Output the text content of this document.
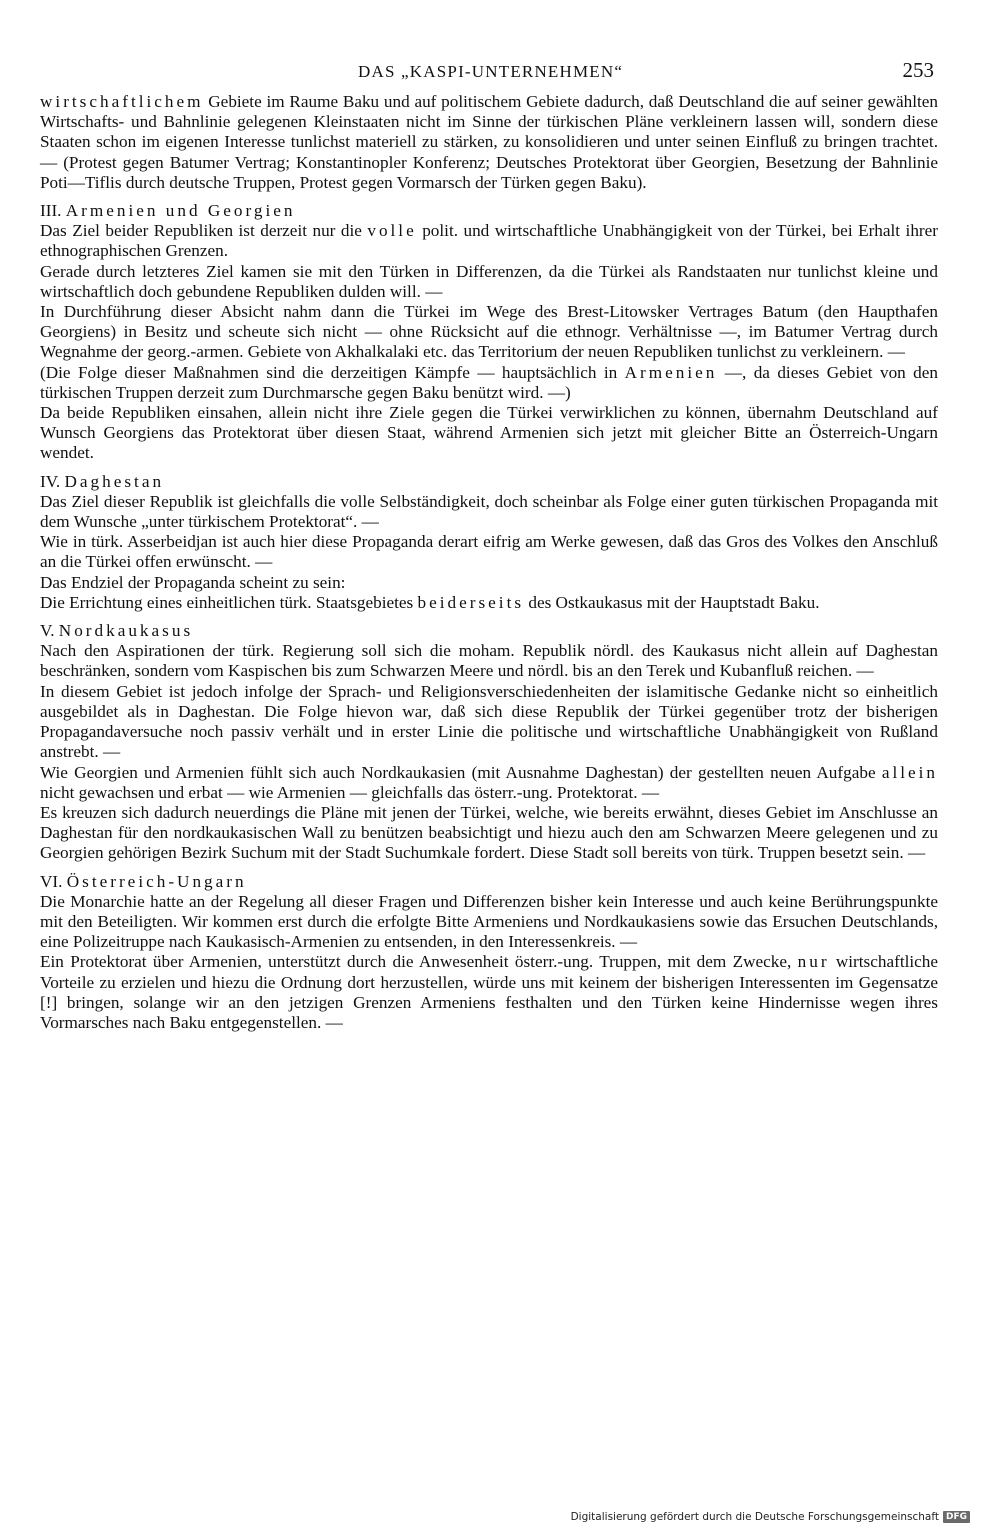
DAS „KASPI-UNTERNEHMEN“	253

wirtschaftlichem Gebiete im Raume Baku und auf politischem Gebiete dadurch, daß Deutschland die auf seiner gewählten Wirtschafts- und Bahnlinie gelegenen Kleinstaaten nicht im Sinne der türkischen Pläne verkleinern lassen will, sondern diese Staaten schon im eigenen Interesse tunlichst materiell zu stärken, zu konsolidieren und unter seinen Einfluß zu bringen trachtet. — (Protest gegen Batumer Vertrag; Konstantinopler Konferenz; Deutsches Protektorat über Georgien, Besetzung der Bahnlinie Poti—Tiflis durch deutsche Truppen, Protest gegen Vormarsch der Türken gegen Baku).

III. Armenien und Georgien

Das Ziel beider Republiken ist derzeit nur die volle polit. und wirtschaftliche Unabhängigkeit von der Türkei, bei Erhalt ihrer ethnographischen Grenzen.

Gerade durch letzteres Ziel kamen sie mit den Türken in Differenzen, da die Türkei als Randstaaten nur tunlichst kleine und wirtschaftlich doch gebundene Republiken dulden will. —

In Durchführung dieser Absicht nahm dann die Türkei im Wege des Brest-Litowsker Vertrages Batum (den Haupthafen Georgiens) in Besitz und scheute sich nicht — ohne Rücksicht auf die ethnogr. Verhältnisse —, im Batumer Vertrag durch Wegnahme der georg.-armen. Gebiete von Akhalkalaki etc. das Territorium der neuen Republiken tunlichst zu verkleinern. —

(Die Folge dieser Maßnahmen sind die derzeitigen Kämpfe — hauptsächlich in Armenien —, da dieses Gebiet von den türkischen Truppen derzeit zum Durchmarsche gegen Baku benützt wird. —)

Da beide Republiken einsahen, allein nicht ihre Ziele gegen die Türkei verwirklichen zu können, übernahm Deutschland auf Wunsch Georgiens das Protektorat über diesen Staat, während Armenien sich jetzt mit gleicher Bitte an Österreich-Ungarn wendet.

IV. Daghestan

Das Ziel dieser Republik ist gleichfalls die volle Selbständigkeit, doch scheinbar als Folge einer guten türkischen Propaganda mit dem Wunsche „unter türkischem Protektorat“. —

Wie in türk. Asserbeidjan ist auch hier diese Propaganda derart eifrig am Werke gewesen, daß das Gros des Volkes den Anschluß an die Türkei offen erwünscht. —

Das Endziel der Propaganda scheint zu sein:

Die Errichtung eines einheitlichen türk. Staatsgebietes beiderseits des Ostkaukasus mit der Hauptstadt Baku.

V. Nordkaukasus

Nach den Aspirationen der türk. Regierung soll sich die moham. Republik nördl. des Kaukasus nicht allein auf Daghestan beschränken, sondern vom Kaspischen bis zum Schwarzen Meere und nördl. bis an den Terek und Kubanfluß reichen. —

In diesem Gebiet ist jedoch infolge der Sprach- und Religionsverschiedenheiten der islamitische Gedanke nicht so einheitlich ausgebildet als in Daghestan. Die Folge hievon war, daß sich diese Republik der Türkei gegenüber trotz der bisherigen Propagandaversuche noch passiv verhält und in erster Linie die politische und wirtschaftliche Unabhängigkeit von Rußland anstrebt. —

Wie Georgien und Armenien fühlt sich auch Nordkaukasien (mit Ausnahme Daghestan) der gestellten neuen Aufgabe allein nicht gewachsen und erbat — wie Armenien — gleichfalls das österr.-ung. Protektorat. —

Es kreuzen sich dadurch neuerdings die Pläne mit jenen der Türkei, welche, wie bereits erwähnt, dieses Gebiet im Anschlusse an Daghestan für den nordkaukasischen Wall zu benützen beabsichtigt und hiezu auch den am Schwarzen Meere gelegenen und zu Georgien gehörigen Bezirk Suchum mit der Stadt Suchumkale fordert. Diese Stadt soll bereits von türk. Truppen besetzt sein. —

VI. Österreich-Ungarn

Die Monarchie hatte an der Regelung all dieser Fragen und Differenzen bisher kein Interesse und auch keine Berührungspunkte mit den Beteiligten. Wir kommen erst durch die erfolgte Bitte Armeniens und Nordkaukasiens sowie das Ersuchen Deutschlands, eine Polizeitruppe nach Kaukasisch-Armenien zu entsenden, in den Interessenkreis. —

Ein Protektorat über Armenien, unterstützt durch die Anwesenheit österr.-ung. Truppen, mit dem Zwecke, nur wirtschaftliche Vorteile zu erzielen und hiezu die Ordnung dort herzustellen, würde uns mit keinem der bisherigen Interessenten im Gegensatze [!] bringen, solange wir an den jetzigen Grenzen Armeniens festhalten und den Türken keine Hindernisse wegen ihres Vormarsches nach Baku entgegenstellen. —

Digitalisierung gefördert durch die Deutsche Forschungsgemeinschaft DFG
